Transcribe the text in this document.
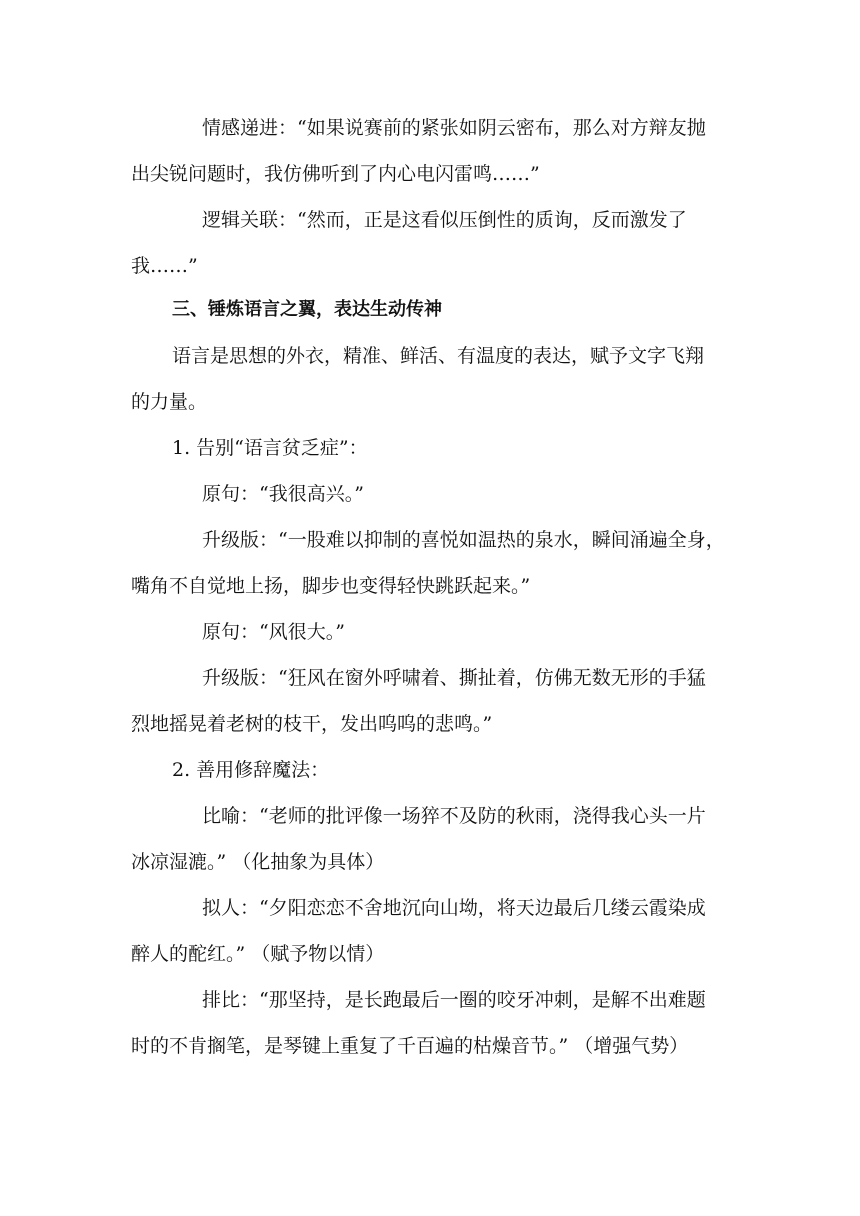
情感递进：“如果说赛前的紧张如阴云密布，那么对方辩友抛
出尖锐问题时，我仿佛听到了内心电闪雷鸣……”
逻辑关联：“然而，正是这看似压倒性的质询，反而激发了
我……”
三、锤炼语言之翼，表达生动传神
语言是思想的外衣，精准、鲜活、有温度的表达，赋予文字飞翔
的力量。
1. 告别“语言贫乏症”：
原句：“我很高兴。”
升级版：“一股难以抑制的喜悦如温热的泉水，瞬间涌遍全身，
嘴角不自觉地上扬，脚步也变得轻快跳跃起来。”
原句：“风很大。”
升级版：“狂风在窗外呼啸着、撕扯着，仿佛无数无形的手猛
烈地摇晃着老树的枝干，发出呜呜的悲鸣。”
2. 善用修辞魔法：
比喻：“老师的批评像一场猝不及防的秋雨，浇得我心头一片
冰凉湿漉。” （化抽象为具体）
拟人：“夕阳恋恋不舍地沉向山坳，将天边最后几缕云霞染成
醉人的酡红。” （赋予物以情）
排比：“那坚持，是长跑最后一圈的咬牙冲刺，是解不出难题
时的不肯搁笔，是琴键上重复了千百遍的枯燥音节。” （增强气势）
